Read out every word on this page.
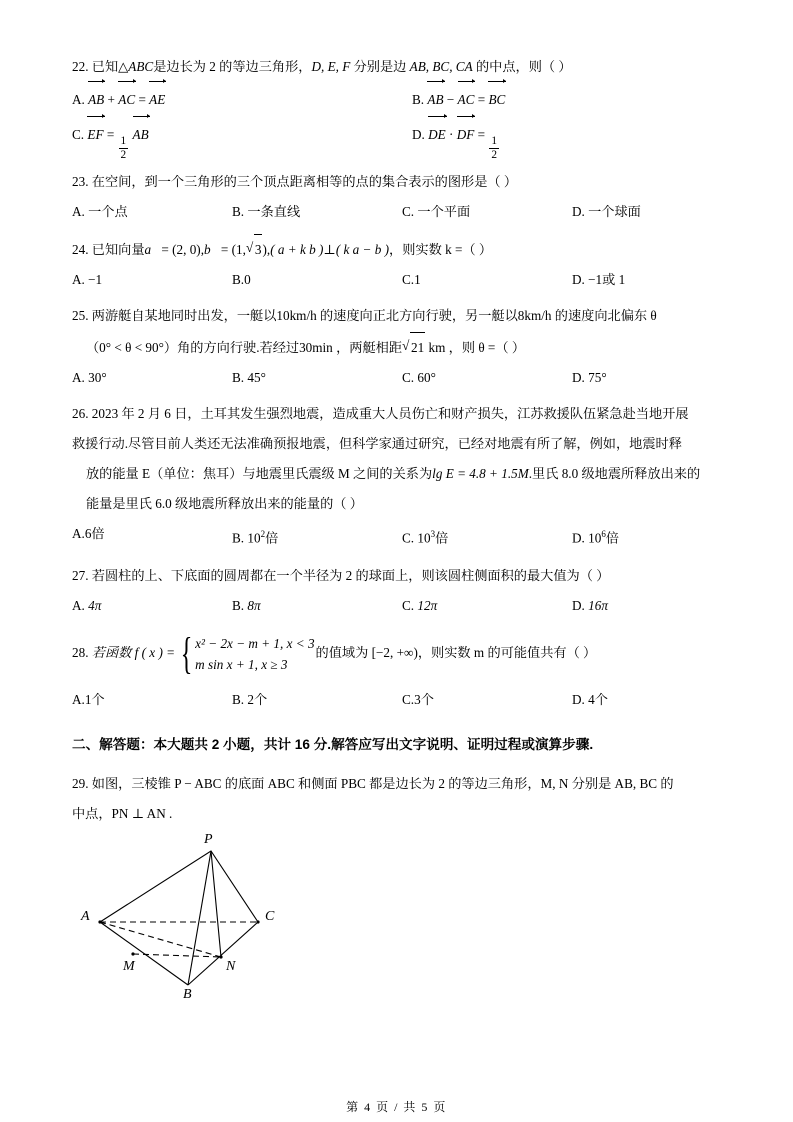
22. 已知△ABC是边长为 2 的等边三角形，D, E, F 分别是边 AB, BC, CA 的中点，则（ ）
A. AB + AC = AE	B. AB − AC = BC
C. EF =
$\frac{1}{2}$
AB	D. DE · DF =
$\frac{1}{2}$
23. 在空间，到一个三角形的三个顶点距离相等的点的集合表示的图形是（ ）
A. 一个点	B. 一条直线	C. 一个平面	D. 一个球面
24. 已知向量a ⃗= (2, 0),b ⃗= (1, √ 3),( a + k b )⊥( k a − b )，则实数 k =（ ）
A. −1	B.0	C.1	D. −1或 1
25. 两游艇自某地同时出发，一艇以10km/h 的速度向正北方向行驶，另一艇以8km/h 的速度向北偏东 θ
（0° < θ < 90°）角的方向行驶.若经过30min ，两艇相距 √ 21 km ，则 θ =（ ）
A. 30°	B. 45°	C. 60°	D. 75°
26. 2023 年 2 月 6 日，土耳其发生强烈地震，造成重大人员伤亡和财产损失，江苏救援队伍紧急赴当地开展
救援行动.尽管目前人类还无法准确预报地震，但科学家通过研究，已经对地震有所了解，例如，地震时释
放的能量 E（单位：焦耳）与地震里氏震级 M 之间的关系为lg E = 4.8 + 1.5M.里氏 8.0 级地震所释放出来的
能量是里氏 6.0 级地震所释放出来的能量的（ ）
A.6倍	B. $10^2$倍	C. $10^3$倍	D. $10^6$倍
27. 若圆柱的上、下底面的圆周都在一个半径为 2 的球面上，则该圆柱侧面积的最大值为（ ）
A. 4π	B. 8π	C. 12π	D. 16π
28. 若函数 f ( x ) = { x² − 2x − m + 1, x < 3
m sin x + 1, x ≥ 3
的值域为 [−2, +∞)，则实数 m 的可能值共有（ ）
A.1个	B. 2个	C.3个	D. 4个
二、解答题：本大题共 2 小题，共计 16 分.解答应写出文字说明、证明过程或演算步骤.
29. 如图，三棱锥 P − ABC 的底面 ABC 和侧面 PBC 都是边长为 2 的等边三角形，M, N 分别是 AB, BC 的
中点，PN ⊥ AN .
P
A	C
B
M	N
第 4 页 / 共 5 页
